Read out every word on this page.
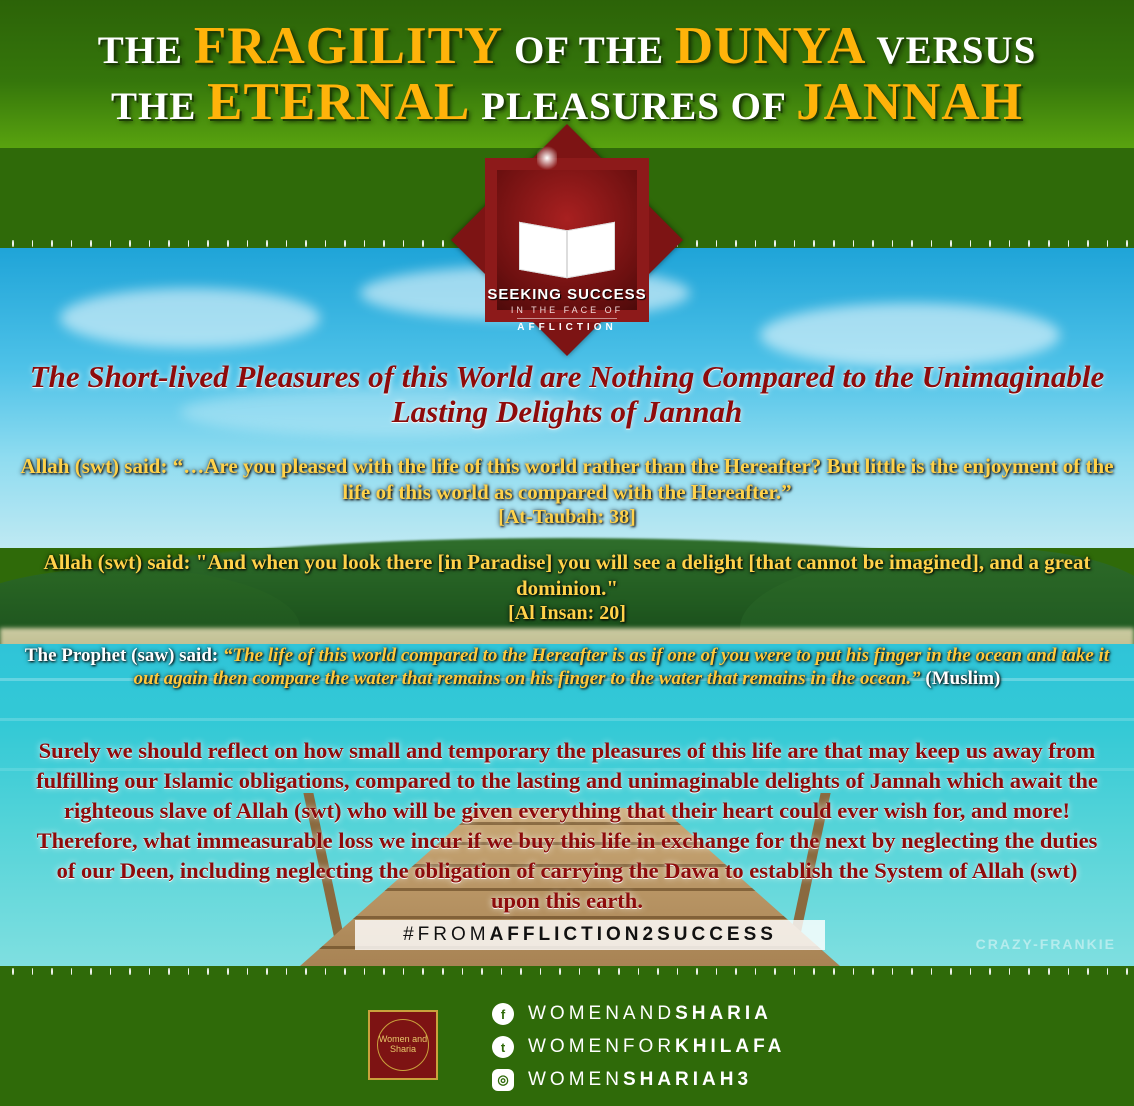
THE FRAGILITY OF THE DUNYA VERSUS
THE ETERNAL PLEASURES OF JANNAH
CRAZY-FRANKIE
The Short-lived Pleasures of this World are Nothing Compared to the Unimaginable Lasting Delights of Jannah
Allah (swt) said: “…Are you pleased with the life of this world rather than the Hereafter? But little is the enjoyment of the life of this world as compared with the Hereafter.”
[At-Taubah: 38]
Allah (swt) said: "And when you look there [in Paradise] you will see a delight [that cannot be imagined], and a great dominion."
[Al Insan: 20]
The Prophet (saw) said: “The life of this world compared to the Hereafter is as if one of you were to put his finger in the ocean and take it out again then compare the water that remains on his finger to the water that remains in the ocean.” (Muslim)
Surely we should reflect on how small and temporary the pleasures of this life are that may keep us away from fulfilling our Islamic obligations, compared to the lasting and unimaginable delights of Jannah which await the righteous slave of Allah (swt) who will be given everything that their heart could ever wish for, and more! Therefore, what immeasurable loss we incur if we buy this life in exchange for the next by neglecting the duties of our Deen, including neglecting the obligation of carrying the Dawa to establish the System of Allah (swt) upon this earth.
#FROM AFFLICTION 2 SUCCESS
SEEKING SUCCESS
IN THE FACE OF
AFFLICTION
Women and Sharia
f	WOMENANDSHARIA
t	WOMENFORKHILAFA
◎ WOMENSHARIAH3
